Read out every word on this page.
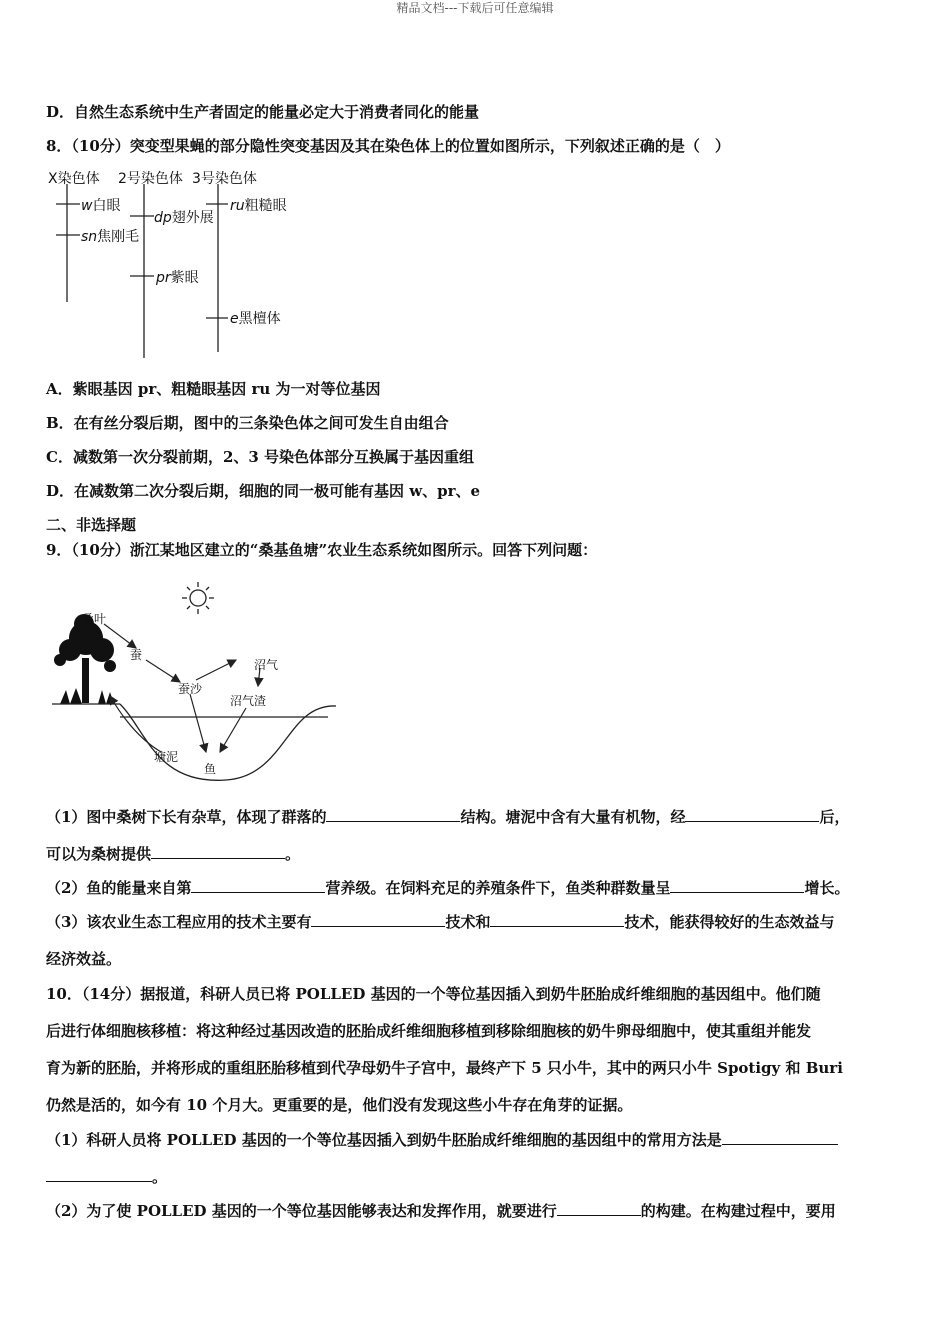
精品文档---下载后可任意编辑
D．自然生态系统中生产者固定的能量必定大于消费者同化的能量
8．（10分）突变型果蝇的部分隐性突变基因及其在染色体上的位置如图所示，下列叙述正确的是（　）
X染色体 2号染色体 3号染色体
w白眼
sn焦刚毛
dp翅外展
pr紫眼
ru粗糙眼
e黑檀体
A．紫眼基因 pr、粗糙眼基因 ru 为一对等位基因
B．在有丝分裂后期，图中的三条染色体之间可发生自由组合
C．减数第一次分裂前期，2、3 号染色体部分互换属于基因重组
D．在减数第二次分裂后期，细胞的同一极可能有基因 w、pr、e
二、非选择题
9．（10分）浙江某地区建立的“桑基鱼塘”农业生态系统如图所示。回答下列问题：
桑叶
蚕
蚕沙
沼气
沼气渣
塘泥
鱼
（1）图中桑树下长有杂草，体现了群落的	结构。塘泥中含有大量有机物，经	后，
可以为桑树提供	。
（2）鱼的能量来自第	营养级。在饲料充足的养殖条件下，鱼类种群数量呈	增长。
（3）该农业生态工程应用的技术主要有	技术和	技术，能获得较好的生态效益与
经济效益。
10．（14分）据报道，科研人员已将 POLLED 基因的一个等位基因插入到奶牛胚胎成纤维细胞的基因组中。他们随
后进行体细胞核移植：将这种经过基因改造的胚胎成纤维细胞移植到移除细胞核的奶牛卵母细胞中，使其重组并能发
育为新的胚胎，并将形成的重组胚胎移植到代孕母奶牛子宫中，最终产下 5 只小牛，其中的两只小牛 Spotigy 和 Buri
仍然是活的，如今有 10 个月大。更重要的是，他们没有发现这些小牛存在角芽的证据。
（1）科研人员将 POLLED 基因的一个等位基因插入到奶牛胚胎成纤维细胞的基因组中的常用方法是
。
（2）为了使 POLLED 基因的一个等位基因能够表达和发挥作用，就要进行	的构建。在构建过程中，要用
